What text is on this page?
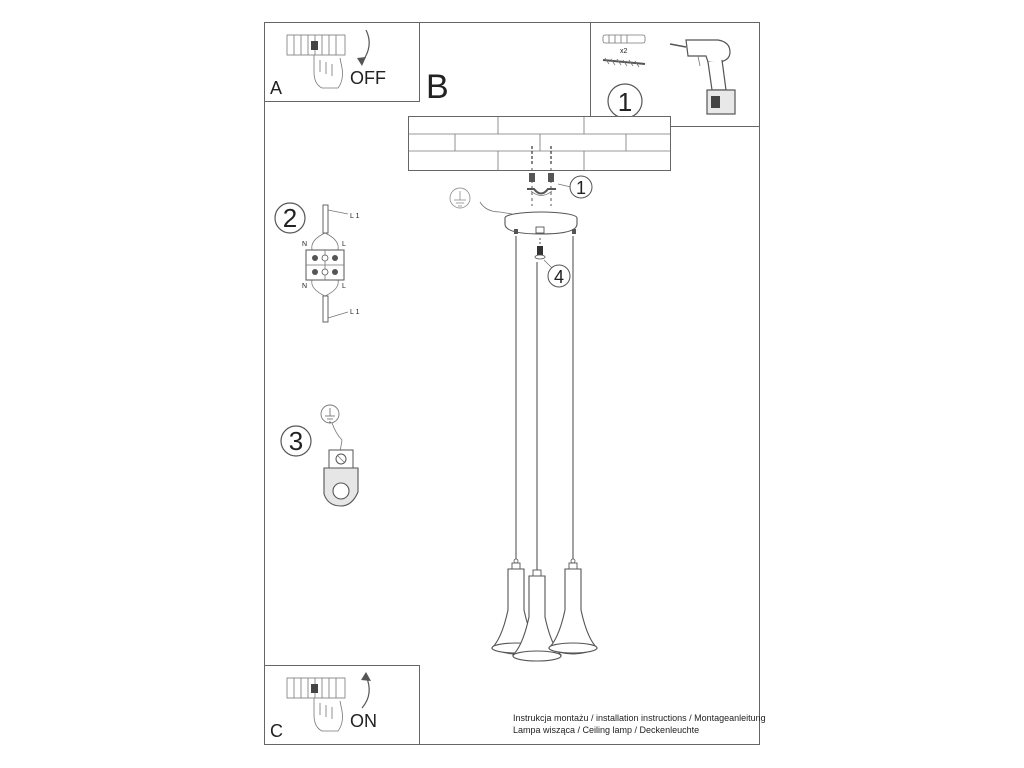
A	OFF
C	ON
x2
1
B
1
4
2	L 1
N	L
N	L
L 1
3
Instrukcja montażu / installation instructions / Montageanleitung
Lampa wisząca / Ceiling lamp / Deckenleuchte
